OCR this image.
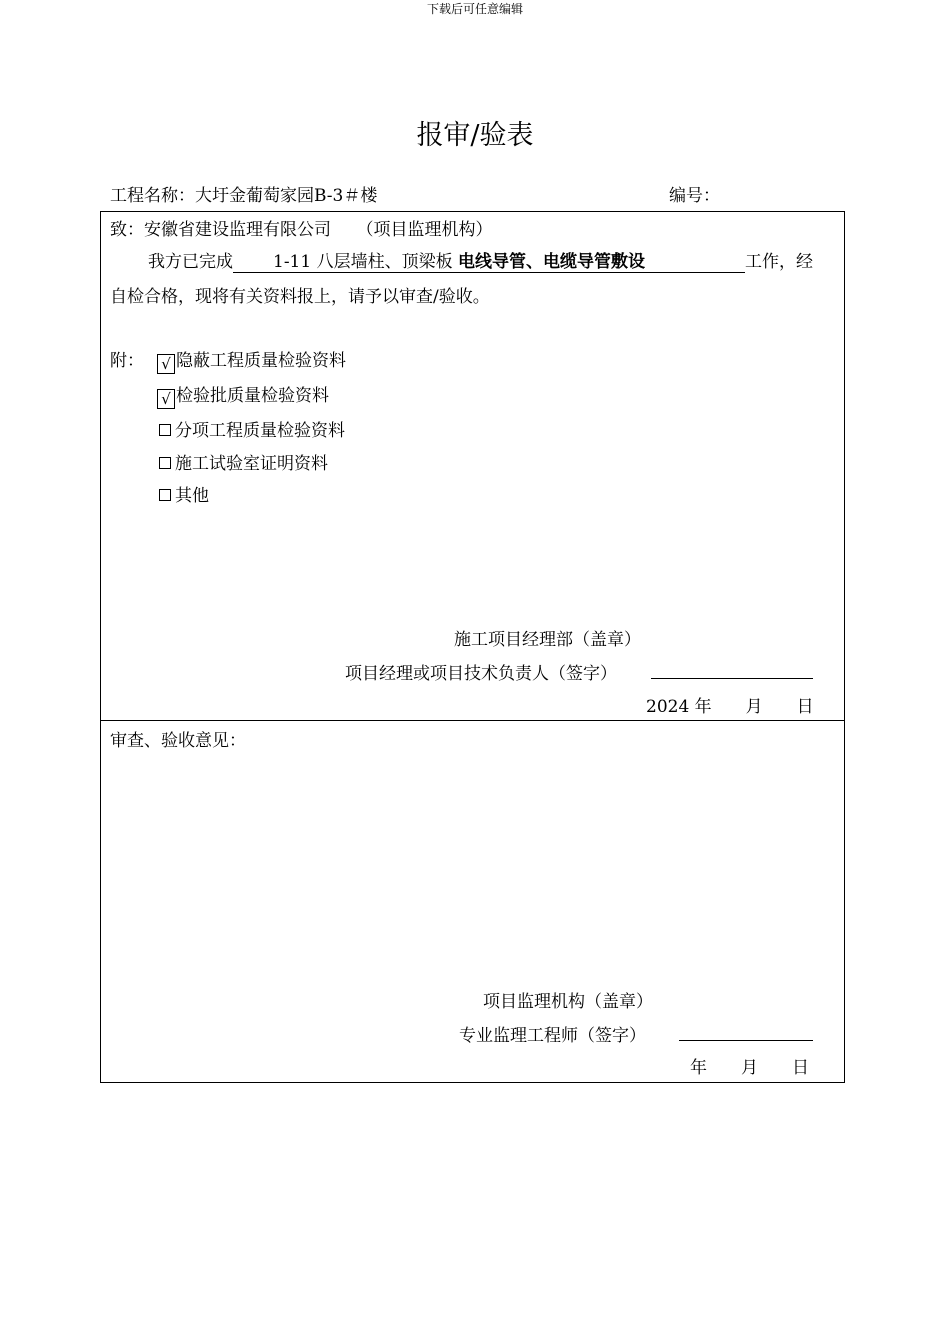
下载后可任意编辑
报审/验表
工程名称：大圩金葡萄家园B-3＃楼	编号：
致：安徽省建设监理有限公司　　（项目监理机构）
我方已完成 1-11 八层墙柱、顶梁板 电线导管、电缆导管敷设	工作，经
自检合格，现将有关资料报上，请予以审查/验收。
附： √ 隐蔽工程质量检验资料
√ 检验批质量检验资料
分项工程质量检验资料
施工试验室证明资料
其他
施工项目经理部（盖章）
项目经理或项目技术负责人（签字）
2024 年　　月　　日
审查、验收意见：
项目监理机构（盖章）
专业监理工程师（签字）
年　　月　　日
